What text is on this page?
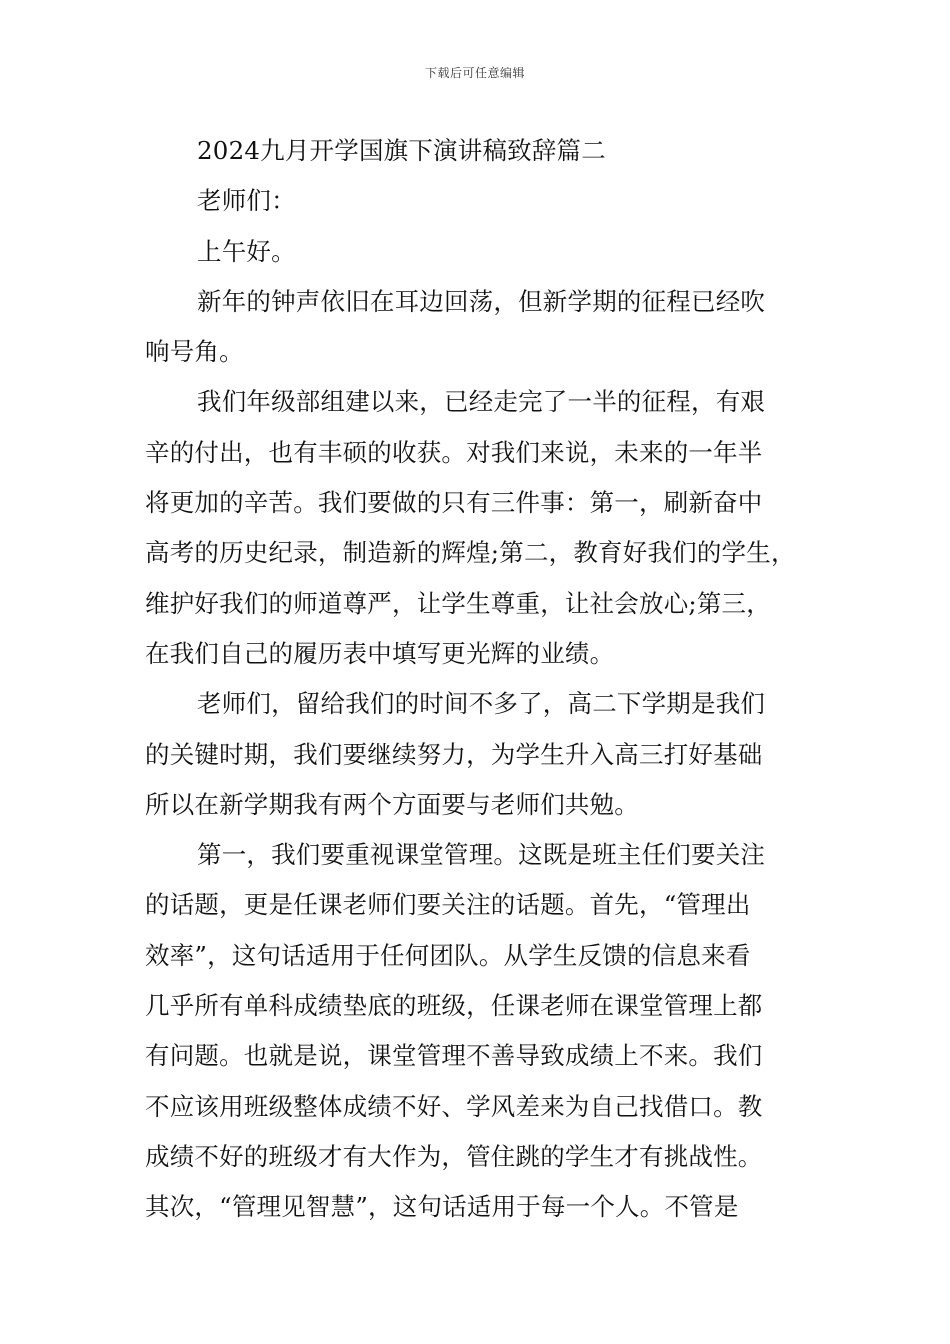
下载后可任意编辑
2024九月开学国旗下演讲稿致辞篇二
老师们：
上午好。
新年的钟声依旧在耳边回荡，但新学期的征程已经吹
响号角。
我们年级部组建以来，已经走完了一半的征程，有艰
辛的付出，也有丰硕的收获。对我们来说，未来的一年半
将更加的辛苦。我们要做的只有三件事：第一，刷新奋中
高考的历史纪录，制造新的辉煌;第二，教育好我们的学生，
维护好我们的师道尊严，让学生尊重，让社会放心;第三，
在我们自己的履历表中填写更光辉的业绩。
老师们，留给我们的时间不多了，高二下学期是我们
的关键时期，我们要继续努力，为学生升入高三打好基础
所以在新学期我有两个方面要与老师们共勉。
第一，我们要重视课堂管理。这既是班主任们要关注
的话题，更是任课老师们要关注的话题。首先，“管理出
效率”，这句话适用于任何团队。从学生反馈的信息来看
几乎所有单科成绩垫底的班级，任课老师在课堂管理上都
有问题。也就是说，课堂管理不善导致成绩上不来。我们
不应该用班级整体成绩不好、学风差来为自己找借口。教
成绩不好的班级才有大作为，管住跳的学生才有挑战性。
其次，“管理见智慧”，这句话适用于每一个人。不管是
